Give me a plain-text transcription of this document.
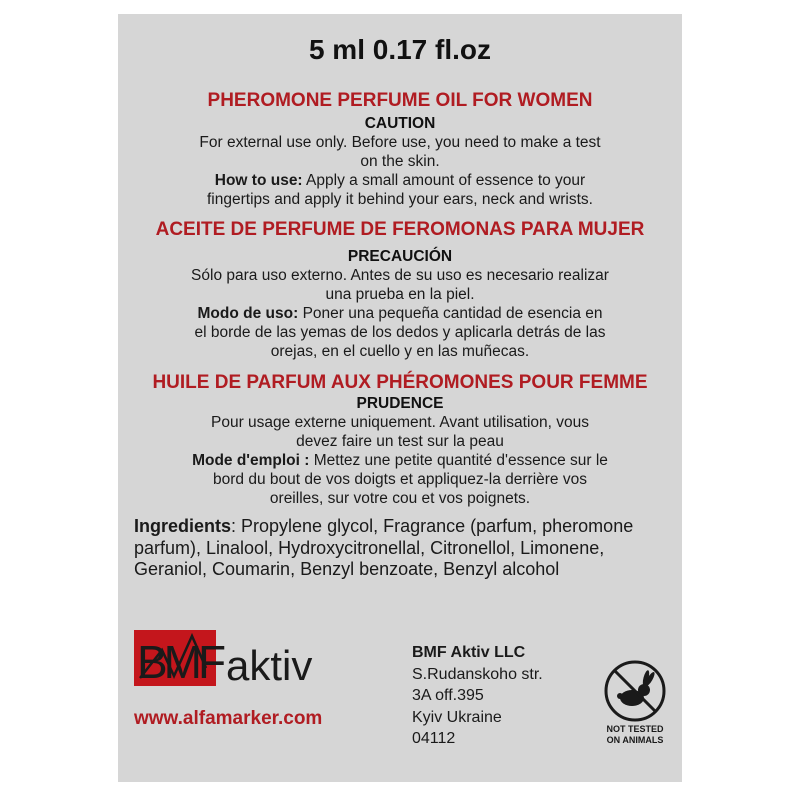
5 ml 0.17 fl.oz
PHEROMONE PERFUME OIL FOR WOMEN
CAUTION
For external use only. Before use, you need to make a test
on the skin.
How to use: Apply a small amount of essence to your
fingertips and apply it behind your ears, neck and wrists.
ACEITE DE PERFUME DE FEROMONAS PARA MUJER
PRECAUCIÓN
Sólo para uso externo. Antes de su uso es necesario realizar
una prueba en la piel.
Modo de uso: Poner una pequeña cantidad de esencia en
el borde de las yemas de los dedos y aplicarla detrás de las
orejas, en el cuello y en las muñecas.
HUILE DE PARFUM AUX PHÉROMONES POUR FEMME
PRUDENCE
Pour usage externe uniquement. Avant utilisation, vous
devez faire un test sur la peau
Mode d'emploi : Mettez une petite quantité d'essence sur le
bord du bout de vos doigts et appliquez-la derrière vos
oreilles, sur votre cou et vos poignets.
Ingredients: Propylene glycol, Fragrance (parfum, pheromone parfum), Linalool, Hydroxycitronellal, Citronellol, Limonene, Geraniol, Coumarin, Benzyl benzoate, Benzyl alcohol
BMF aktiv
www.alfamarker.com
BMF Aktiv LLC
S.Rudanskoho str.
3A off.395
Kyiv Ukraine
04112
NOT TESTED
ON ANIMALS
